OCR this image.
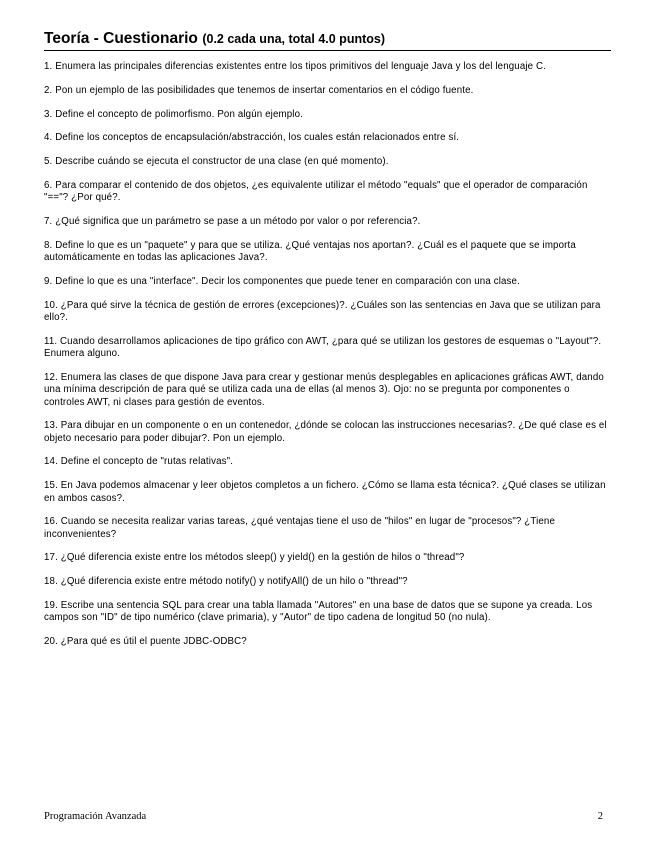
Teoría - Cuestionario (0.2 cada una, total 4.0 puntos)
1. Enumera las principales diferencias existentes entre los tipos primitivos del lenguaje Java y los del lenguaje C.
2. Pon un ejemplo de las posibilidades que tenemos de insertar comentarios en el código fuente.
3. Define el concepto de polimorfismo. Pon algún ejemplo.
4. Define los conceptos de encapsulación/abstracción, los cuales están relacionados entre sí.
5. Describe cuándo se ejecuta el constructor de una clase (en qué momento).
6. Para comparar el contenido de dos objetos, ¿es equivalente utilizar el método "equals" que el operador de comparación "=="? ¿Por qué?.
7. ¿Qué significa que un parámetro se pase a un método por valor o por referencia?.
8. Define lo que es un "paquete" y para que se utiliza. ¿Qué ventajas nos aportan?. ¿Cuál es el paquete que se importa automáticamente en todas las aplicaciones Java?.
9. Define lo que es una "interface". Decir los componentes que puede tener en comparación con una clase.
10. ¿Para qué sirve la técnica de gestión de errores (excepciones)?. ¿Cuáles son las sentencias en Java que se utilizan para ello?.
11. Cuando desarrollamos aplicaciones de tipo gráfico con AWT, ¿para qué se utilizan los gestores de esquemas o "Layout"?. Enumera alguno.
12. Enumera las clases de que dispone Java para crear y gestionar menús desplegables en aplicaciones gráficas AWT, dando una mínima descripción de para qué se utiliza cada una de ellas (al menos 3). Ojo: no se pregunta por componentes o controles AWT, ni clases para gestión de eventos.
13. Para dibujar en un componente o en un contenedor, ¿dónde se colocan las instrucciones necesarias?. ¿De qué clase es el objeto necesario para poder dibujar?. Pon un ejemplo.
14. Define el concepto de "rutas relativas".
15. En Java podemos almacenar y leer objetos completos a un fichero. ¿Cómo se llama esta técnica?. ¿Qué clases se utilizan en ambos casos?.
16. Cuando se necesita realizar varias tareas, ¿qué ventajas tiene el uso de "hilos" en lugar de "procesos"? ¿Tiene inconvenientes?
17. ¿Qué diferencia existe entre los métodos sleep() y yield() en la gestión de hilos o "thread"?
18. ¿Qué diferencia existe entre método notify() y notifyAll() de un hilo o "thread"?
19. Escribe una sentencia SQL para crear una tabla llamada "Autores" en una base de datos que se supone ya creada. Los campos son "ID" de tipo numérico (clave primaria), y "Autor" de tipo cadena de longitud 50 (no nula).
20. ¿Para qué es útil el puente JDBC-ODBC?
Programación Avanzada	2
